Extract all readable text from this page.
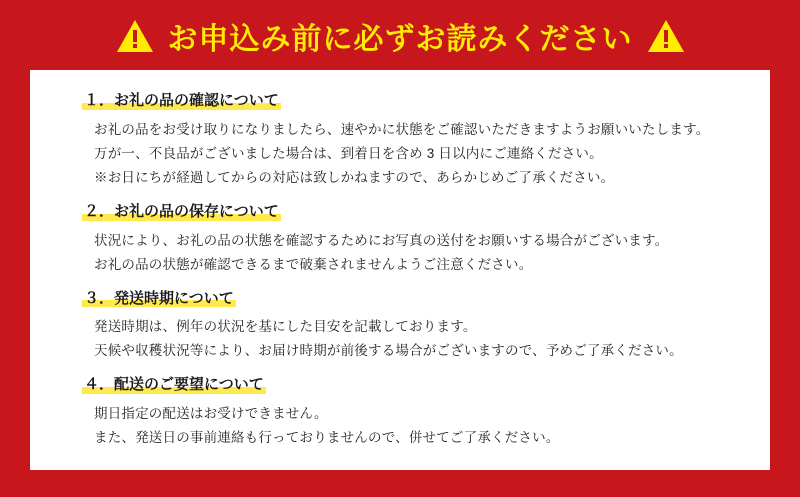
お申込み前に必ずお読みください
１．お礼の品の確認について
お礼の品をお受け取りになりましたら、速やかに状態をご確認いただきますようお願いいたします。
万が一、不良品がございました場合は、到着日を含め 3 日以内にご連絡ください。
※お日にちが経過してからの対応は致しかねますので、あらかじめご了承ください。
２．お礼の品の保存について
状況により、お礼の品の状態を確認するためにお写真の送付をお願いする場合がございます。
お礼の品の状態が確認できるまで破棄されませんようご注意ください。
３．発送時期について
発送時期は、例年の状況を基にした目安を記載しております。
天候や収穫状況等により、お届け時期が前後する場合がございますので、予めご了承ください。
４．配送のご要望について
期日指定の配送はお受けできません。
また、発送日の事前連絡も行っておりませんので、併せてご了承ください。
